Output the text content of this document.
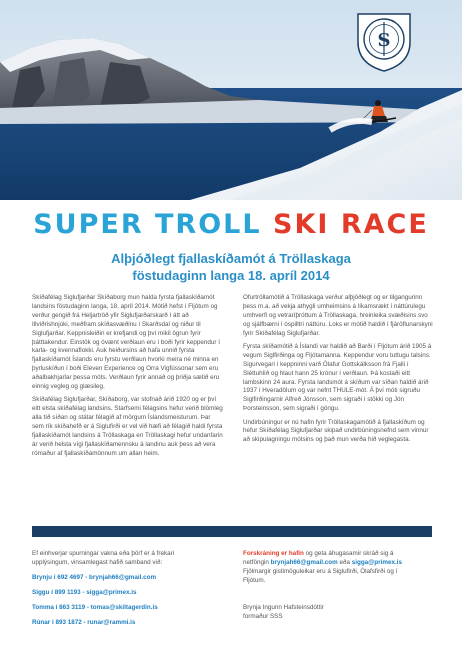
S
SUPER TROLL SKI RACE
Alþjóðlegt fjallaskíðamót á Tröllaskaga
föstudaginn langa 18. apríl 2014

Skíðafélag Siglufjarðar Skíðaborg mun halda fyrsta fjallaskíðamót landsins föstudaginn langa, 18. apríl 2014. Mótið hefst í Fljótum og verður gengið frá Heljartröð yfir Siglufjarðarskarð í átt að Illviðrishnjúki, meðfram skíðasvæðinu í Skarðsdal og niður til Siglufjarðar. Keppnisleiðin er krefjandi og því mikil ögrun fyrir þátttakendur. Einstök og óvænt verðlaun eru í boði fyrir keppendur í karla- og kvennaflokki. Auk heiðursins að hafa unnið fyrsta fjallaskíðamót Íslands eru fyrstu verðlaun hvorki meira né minna en þyrluskíðun í boði Eleven Experience og Orra Vigfússonar sem eru aðalbakhjarlar þessa móts. Verðlaun fyrir annað og þriðja sætið eru einnig vegleg og glæsileg.

Skíðafélag Siglufjarðar, Skíðaborg, var stofnað árið 1920 og er því eitt elsta skíðafélag landsins. Starfsemi félagsins hefur verið blómleg alla tíð síðan og státar félagið af mörgum Íslandsmeisturum. Þar sem rík skíðahefð er á Siglufirði er vel við hæfi að félagið haldi fyrsta fjallaskíðamót landsins á Tröllaskaga en Tröllaskagi hefur undanfarin ár verið helsta vígi fjallaskíðamennsku á landinu auk þess að vera rómaður af fjallaskíðamönnum um allan heim.

Ofurtröllamótið á Tröllaskaga verður alþjóðlegt og er tilgangurinn þess m.a. að vekja athygli umheimsins á líkamsrækt í náttúrulegu umhverfi og vetraríþróttum á Tröllaskaga, hreinleika svæðisins svo og sjálfbærni í óspilltri náttúru. Loks er mótið haldið í fjáröflunarskyni fyrir Skíðafélag Siglufjarðar.

Fyrsta skíðamótið á Íslandi var haldið að Barði í Fljótum árið 1905 á vegum Siglfirðinga og Fljótamanna. Keppendur voru tuttugu talsins. Sigurvegari í keppninni varð Ólafur Gottskálksson frá Fjalli í Sléttuhlíð og hlaut hann 25 krónur í verðlaun. Þá kostaði eitt lambskinn 24 aura. Fyrsta landsmót á skíðum var síðan haldið árið 1937 í Hveradölum og var nefnt THULE-mót. Á því móti sigruðu Siglfirðingarnir Alfreð Jónsson, sem sigraði í stökki og Jón Þorsteinsson, sem sigraði í göngu.

Undirbúningur er nú hafin fyrir Tröllaskagamótið á fjallaskíðum og hefur Skíðafélag Siglufjarðar skipað undirbúningsnefnd sem vinnur að skipulagningu mótsins og það mun verða hið veglegasta.

Ef einhverjar spurningar vakna eða þörf er á frekari
upplýsingum, vinsamlegast hafið samband við:
Brynju í 692 4697 - brynjah66@gmail.com
Siggu í 899 1193 - sigga@primex.is
Tomma í 863 3119 - tomas@skiltagerdin.is
Rúnar í 893 1872 - runar@rammi.is
Forskráning er hafin og geta áhugasamir skráð sig á
netföngin brynjah66@gmail.com eða sigga@primex.is
Fjölmargir gistimöguleikar eru á Siglufirði, Ólafsfirði og í
Fljótum.
Brynja Ingunn Hafsteinsdóttir
formaður SSS
